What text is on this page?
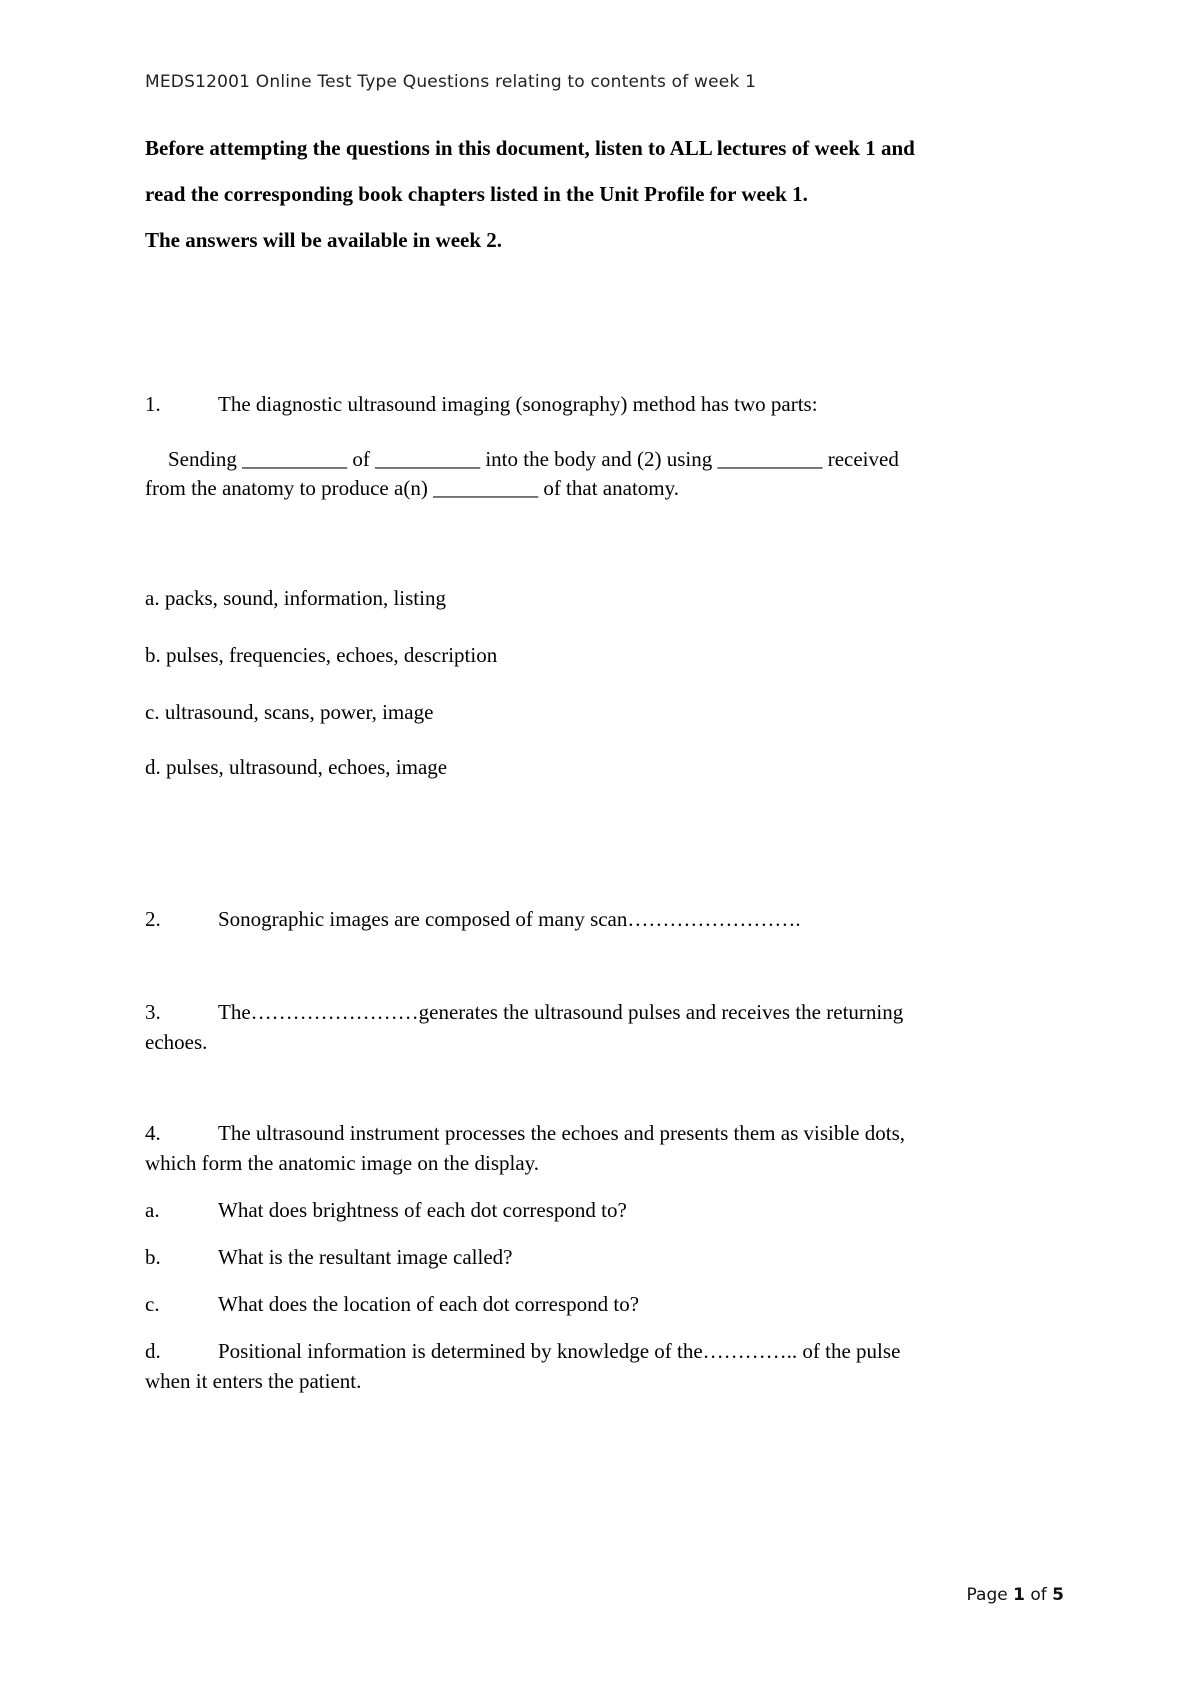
MEDS12001 Online Test Type Questions relating to contents of week 1
Before attempting the questions in this document, listen to ALL lectures of week 1 and
read the corresponding book chapters listed in the Unit Profile for week 1.
The answers will be available in week 2.
1.	The diagnostic ultrasound imaging (sonography) method has two parts:
Sending __________ of __________ into the body and (2) using __________ received
from the anatomy to produce a(n) __________ of that anatomy.
a. packs, sound, information, listing
b. pulses, frequencies, echoes, description
c. ultrasound, scans, power, image
d. pulses, ultrasound, echoes, image
2.	Sonographic images are composed of many scan…………………….
3.	The……………………generates the ultrasound pulses and receives the returning
echoes.
4.	The ultrasound instrument processes the echoes and presents them as visible dots,
which form the anatomic image on the display.
a.	What does brightness of each dot correspond to?
b.	What is the resultant image called?
c.	What does the location of each dot correspond to?
d.	Positional information is determined by knowledge of the………….. of the pulse
when it enters the patient.
Page 1 of 5
